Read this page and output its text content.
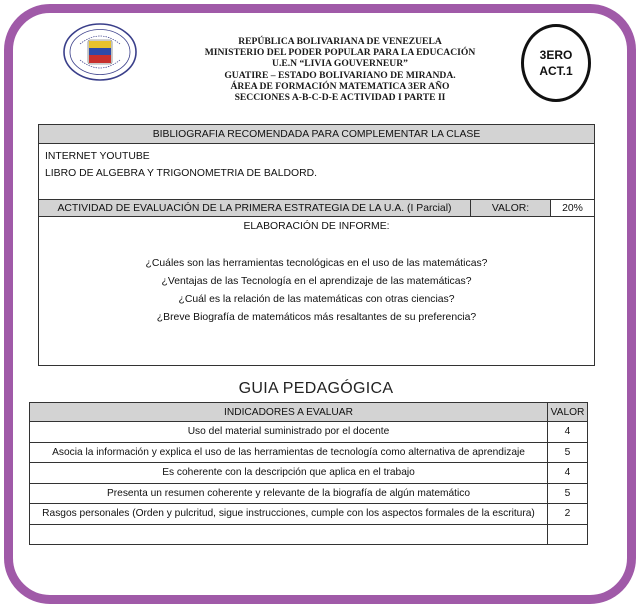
REPÚBLICA BOLIVARIANA DE VENEZUELA
MINISTERIO DEL PODER POPULAR PARA LA EDUCACIÓN
U.E.N “LIVIA GOUVERNEUR”
GUATIRE – ESTADO BOLIVARIANO DE MIRANDA.
ÁREA DE FORMACIÓN MATEMATICA 3ER AÑO
SECCIONES A-B-C-D-E ACTIVIDAD I PARTE II
3ERO
ACT.1
BIBLIOGRAFIA RECOMENDADA PARA COMPLEMENTAR LA CLASE
INTERNET YOUTUBE
LIBRO DE ALGEBRA Y TRIGONOMETRIA DE BALDORD.
ACTIVIDAD DE EVALUACIÓN DE LA PRIMERA ESTRATEGIA DE LA U.A. (I Parcial)	VALOR:	20%
ELABORACIÓN DE INFORME:
¿Cuáles son las herramientas tecnológicas en el uso de las matemáticas?
¿Ventajas de las Tecnología en el aprendizaje de las matemáticas?
¿Cuál es la relación de las matemáticas con otras ciencias?
¿Breve Biografía de matemáticos más resaltantes de su preferencia?
GUIA PEDAGÓGICA
INDICADORES A EVALUAR	VALOR
Uso del material suministrado por el docente	4
Asocia la información y explica el uso de las herramientas de tecnología como alternativa de aprendizaje	5
Es coherente con la descripción que aplica en el trabajo	4
Presenta un resumen coherente y relevante de la biografía de algún matemático	5
Rasgos personales (Orden y pulcritud, sigue instrucciones, cumple con los aspectos formales de la escritura)	2
